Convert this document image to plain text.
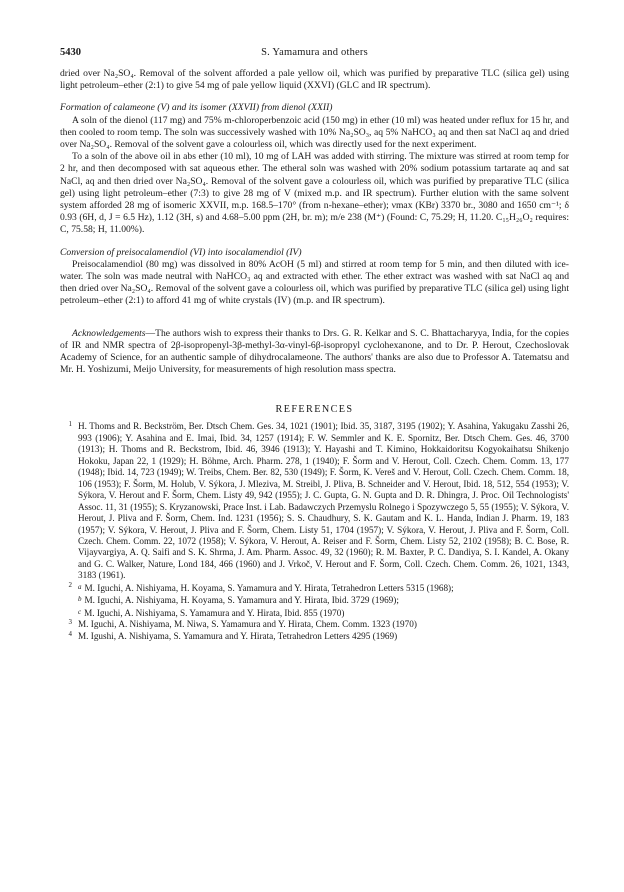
5430	S. Yamamura and others

dried over Na₂SO₄. Removal of the solvent afforded a pale yellow oil, which was purified by preparative TLC (silica gel) using light petroleum–ether (2:1) to give 54 mg of pale yellow liquid (XXVI) (GLC and IR spectrum).

Formation of calameone (V) and its isomer (XXVII) from dienol (XXII)

A soln of the dienol (117 mg) and 75% m-chloroperbenzoic acid (150 mg) in ether (10 ml) was heated under reflux for 15 hr, and then cooled to room temp. The soln was successively washed with 10% Na₂SO₃, aq 5% NaHCO₃ aq and then sat NaCl aq and dried over Na₂SO₄. Removal of the solvent gave a colourless oil, which was directly used for the next experiment.

To a soln of the above oil in abs ether (10 ml), 10 mg of LAH was added with stirring. The mixture was stirred at room temp for 2 hr, and then decomposed with sat aqueous ether. The etheral soln was washed with 20% sodium potassium tartarate aq and sat NaCl, aq and then dried over Na₂SO₄. Removal of the solvent gave a colourless oil, which was purified by preparative TLC (silica gel) using light petroleum–ether (7:3) to give 28 mg of V (mixed m.p. and IR spectrum). Further elution with the same solvent system afforded 28 mg of isomeric XXVII, m.p. 168.5–170° (from n-hexane–ether); νmax (KBr) 3370 br., 3080 and 1650 cm⁻¹; δ 0.93 (6H, d, J = 6.5 Hz), 1.12 (3H, s) and 4.68–5.00 ppm (2H, br. m); m/e 238 (M⁺) (Found: C, 75.29; H, 11.20. C₁₅H₂₆O₂ requires: C, 75.58; H, 11.00%).

Conversion of preisocalamendiol (VI) into isocalamendiol (IV)

Preisocalamendiol (80 mg) was dissolved in 80% AcOH (5 ml) and stirred at room temp for 5 min, and then diluted with ice-water. The soln was made neutral with NaHCO₃ aq and extracted with ether. The ether extract was washed with sat NaCl aq and then dried over Na₂SO₄. Removal of the solvent gave a colourless oil, which was purified by preparative TLC (silica gel) using light petroleum–ether (2:1) to afford 41 mg of white crystals (IV) (m.p. and IR spectrum).

Acknowledgements—The authors wish to express their thanks to Drs. G. R. Kelkar and S. C. Bhattacharyya, India, for the copies of IR and NMR spectra of 2β-isopropenyl-3β-methyl-3α-vinyl-6β-isopropyl cyclohexanone, and to Dr. P. Herout, Czechoslovak Academy of Science, for an authentic sample of dihydrocalameone. The authors' thanks are also due to Professor A. Tatematsu and Mr. H. Yoshizumi, Meijo University, for measurements of high resolution mass spectra.

REFERENCES
1 H. Thoms and R. Beckström, Ber. Dtsch Chem. Ges. 34, 1021 (1901); Ibid. 35, 3187, 3195 (1902); Y. Asahina, Yakugaku Zasshi 26, 993 (1906); Y. Asahina and E. Imai, Ibid. 34, 1257 (1914); F. W. Semmler and K. E. Spornitz, Ber. Dtsch Chem. Ges. 46, 3700 (1913); H. Thoms and R. Beckstrom, Ibid. 46, 3946 (1913); Y. Hayashi and T. Kimino, Hokkaidoritsu Kogyokaihatsu Shikenjo Hokoku, Japan 22, 1 (1929); H. Böhme, Arch. Pharm. 278, 1 (1940); F. Šorm and V. Herout, Coll. Czech. Chem. Comm. 13, 177 (1948); Ibid. 14, 723 (1949); W. Treibs, Chem. Ber. 82, 530 (1949); F. Šorm, K. Vereš and V. Herout, Coll. Czech. Chem. Comm. 18, 106 (1953); F. Šorm, M. Holub, V. Sýkora, J. Mleziva, M. Streibl, J. Pliva, B. Schneider and V. Herout, Ibid. 18, 512, 554 (1953); V. Sýkora, V. Herout and F. Šorm, Chem. Listy 49, 942 (1955); J. C. Gupta, G. N. Gupta and D. R. Dhingra, J. Proc. Oil Technologists' Assoc. 11, 31 (1955); S. Kryzanowski, Prace Inst. i Lab. Badawczych Przemyslu Rolnego i Spozywczego 5, 55 (1955); V. Sýkora, V. Herout, J. Pliva and F. Šorm, Chem. Ind. 1231 (1956); S. S. Chaudhury, S. K. Gautam and K. L. Handa, Indian J. Pharm. 19, 183 (1957); V. Sýkora, V. Herout, J. Pliva and F. Šorm, Chem. Listy 51, 1704 (1957); V. Sýkora, V. Herout, J. Pliva and F. Šorm, Coll. Czech. Chem. Comm. 22, 1072 (1958); V. Sýkora, V. Herout, A. Reiser and F. Šorm, Chem. Listy 52, 2102 (1958); B. C. Bose, R. Vijayvargiya, A. Q. Saifi and S. K. Shrma, J. Am. Pharm. Assoc. 49, 32 (1960); R. M. Baxter, P. C. Dandiya, S. I. Kandel, A. Okany and G. C. Walker, Nature, Lond 184, 466 (1960) and J. Vrkoč, V. Herout and F. Šorm, Coll. Czech. Chem. Comm. 26, 1021, 1343, 3183 (1961).
2 $^a$ M. Iguchi, A. Nishiyama, H. Koyama, S. Yamamura and Y. Hirata, Tetrahedron Letters 5315 (1968);
$^b$ M. Iguchi, A. Nishiyama, H. Koyama, S. Yamamura and Y. Hirata, Ibid. 3729 (1969);
$^c$ M. Iguchi, A. Nishiyama, S. Yamamura and Y. Hirata, Ibid. 855 (1970)
3 M. Iguchi, A. Nishiyama, M. Niwa, S. Yamamura and Y. Hirata, Chem. Comm. 1323 (1970)
4 M. Igushi, A. Nishiyama, S. Yamamura and Y. Hirata, Tetrahedron Letters 4295 (1969)
